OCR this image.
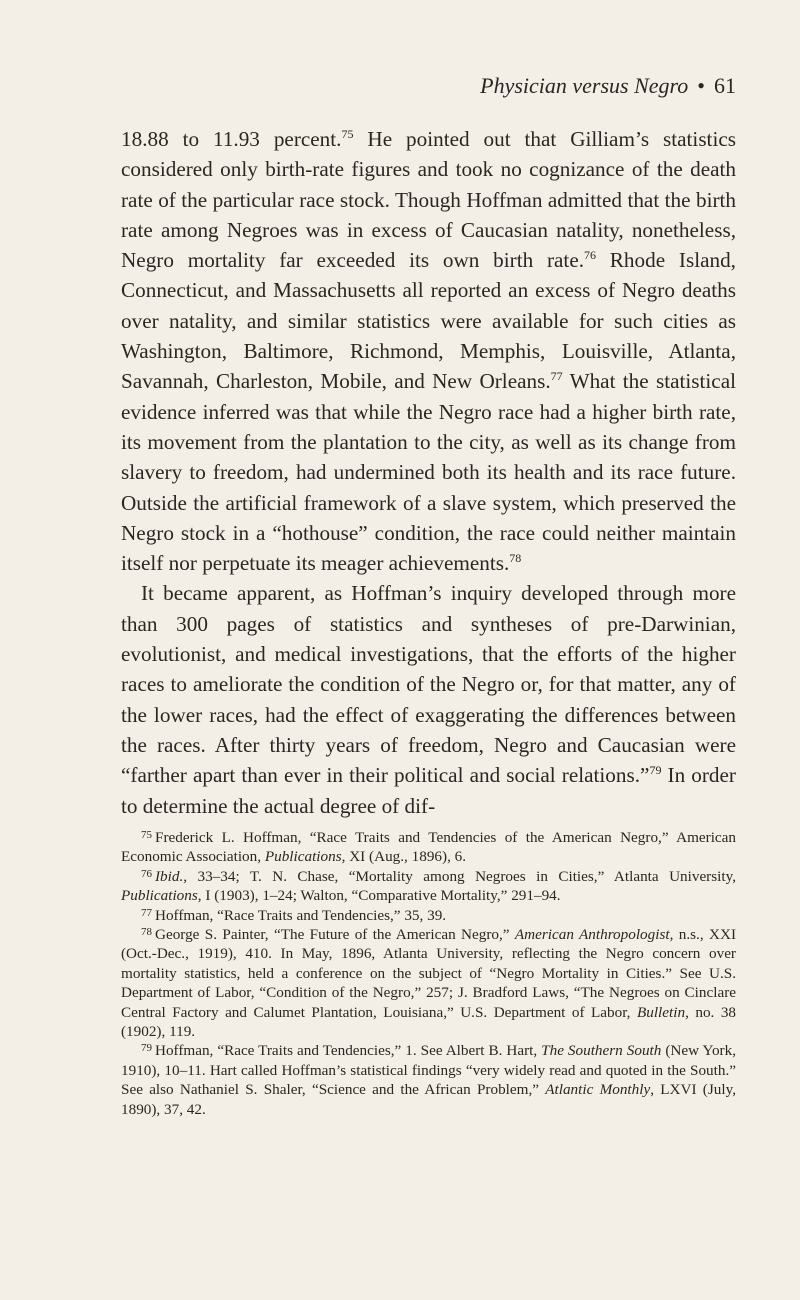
Physician versus Negro • 61

18.88 to 11.93 percent.$^{75}$ He pointed out that Gilliam’s statistics considered only birth-rate figures and took no cognizance of the death rate of the particular race stock. Though Hoffman admitted that the birth rate among Negroes was in excess of Caucasian natality, nonetheless, Negro mortality far exceeded its own birth rate.$^{76}$ Rhode Island, Connecticut, and Massachusetts all reported an excess of Negro deaths over natality, and similar statistics were available for such cities as Washington, Baltimore, Richmond, Memphis, Louisville, Atlanta, Savannah, Charleston, Mobile, and New Orleans.$^{77}$ What the statistical evidence inferred was that while the Negro race had a higher birth rate, its movement from the plantation to the city, as well as its change from slavery to freedom, had undermined both its health and its race future. Outside the artificial framework of a slave system, which preserved the Negro stock in a “hothouse” condition, the race could neither maintain itself nor perpetuate its meager achievements.$^{78}$

It became apparent, as Hoffman’s inquiry developed through more than 300 pages of statistics and syntheses of pre-Darwinian, evolutionist, and medical investigations, that the efforts of the higher races to ameliorate the condition of the Negro or, for that matter, any of the lower races, had the effect of exaggerating the differences between the races. After thirty years of freedom, Negro and Caucasian were “farther apart than ever in their political and social relations.”$^{79}$ In order to determine the actual degree of dif-

$^{75}$ Frederick L. Hoffman, “Race Traits and Tendencies of the American Negro,” American Economic Association, Publications, XI (Aug., 1896), 6.

$^{76}$ Ibid., 33–34; T. N. Chase, “Mortality among Negroes in Cities,” Atlanta University, Publications, I (1903), 1–24; Walton, “Comparative Mortality,” 291–94.

$^{77}$ Hoffman, “Race Traits and Tendencies,” 35, 39.

$^{78}$ George S. Painter, “The Future of the American Negro,” American Anthropologist, n.s., XXI (Oct.-Dec., 1919), 410. In May, 1896, Atlanta University, reflecting the Negro concern over mortality statistics, held a conference on the subject of “Negro Mortality in Cities.” See U.S. Department of Labor, “Condition of the Negro,” 257; J. Bradford Laws, “The Negroes on Cinclare Central Factory and Calumet Plantation, Louisiana,” U.S. Department of Labor, Bulletin, no. 38 (1902), 119.

$^{79}$ Hoffman, “Race Traits and Tendencies,” 1. See Albert B. Hart, The Southern South (New York, 1910), 10–11. Hart called Hoffman’s statistical findings “very widely read and quoted in the South.” See also Nathaniel S. Shaler, “Science and the African Problem,” Atlantic Monthly, LXVI (July, 1890), 37, 42.
